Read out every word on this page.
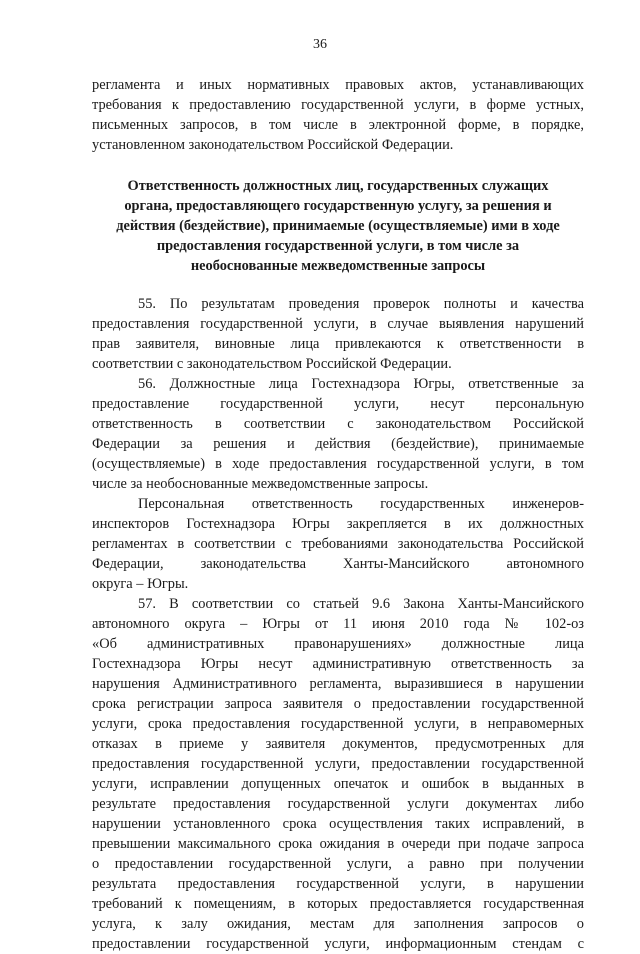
36

регламента и иных нормативных правовых актов, устанавливающих
требования к предоставлению государственной услуги, в форме устных,
письменных запросов, в том числе в электронной форме, в порядке,
установленном законодательством Российской Федерации.

Ответственность должностных лиц, государственных служащих
органа, предоставляющего государственную услугу, за решения и
действия (бездействие), принимаемые (осуществляемые) ими в ходе
предоставления государственной услуги, в том числе за
необоснованные межведомственные запросы

55. По результатам проведения проверок полноты и качества
предоставления государственной услуги, в случае выявления нарушений
прав заявителя, виновные лица привлекаются к ответственности в
соответствии с законодательством Российской Федерации.

56. Должностные лица Гостехнадзора Югры, ответственные за
предоставление государственной услуги, несут персональную
ответственность в соответствии с законодательством Российской
Федерации за решения и действия (бездействие), принимаемые
(осуществляемые) в ходе предоставления государственной услуги, в том
числе за необоснованные межведомственные запросы.

Персональная ответственность государственных инженеров-
инспекторов Гостехнадзора Югры закрепляется в их должностных
регламентах в соответствии с требованиями законодательства Российской
Федерации, законодательства Ханты-Мансийского автономного
округа – Югры.

57. В соответствии со статьей 9.6 Закона Ханты-Мансийского
автономного округа – Югры от 11 июня 2010 года № 102-оз
«Об административных правонарушениях» должностные лица
Гостехнадзора Югры несут административную ответственность за
нарушения Административного регламента, выразившиеся в нарушении
срока регистрации запроса заявителя о предоставлении государственной
услуги, срока предоставления государственной услуги, в неправомерных
отказах в приеме у заявителя документов, предусмотренных для
предоставления государственной услуги, предоставлении государственной
услуги, исправлении допущенных опечаток и ошибок в выданных в
результате предоставления государственной услуги документах либо
нарушении установленного срока осуществления таких исправлений, в
превышении максимального срока ожидания в очереди при подаче запроса
о предоставлении государственной услуги, а равно при получении
результата предоставления государственной услуги, в нарушении
требований к помещениям, в которых предоставляется государственная
услуга, к залу ожидания, местам для заполнения запросов о
предоставлении государственной услуги, информационным стендам с
